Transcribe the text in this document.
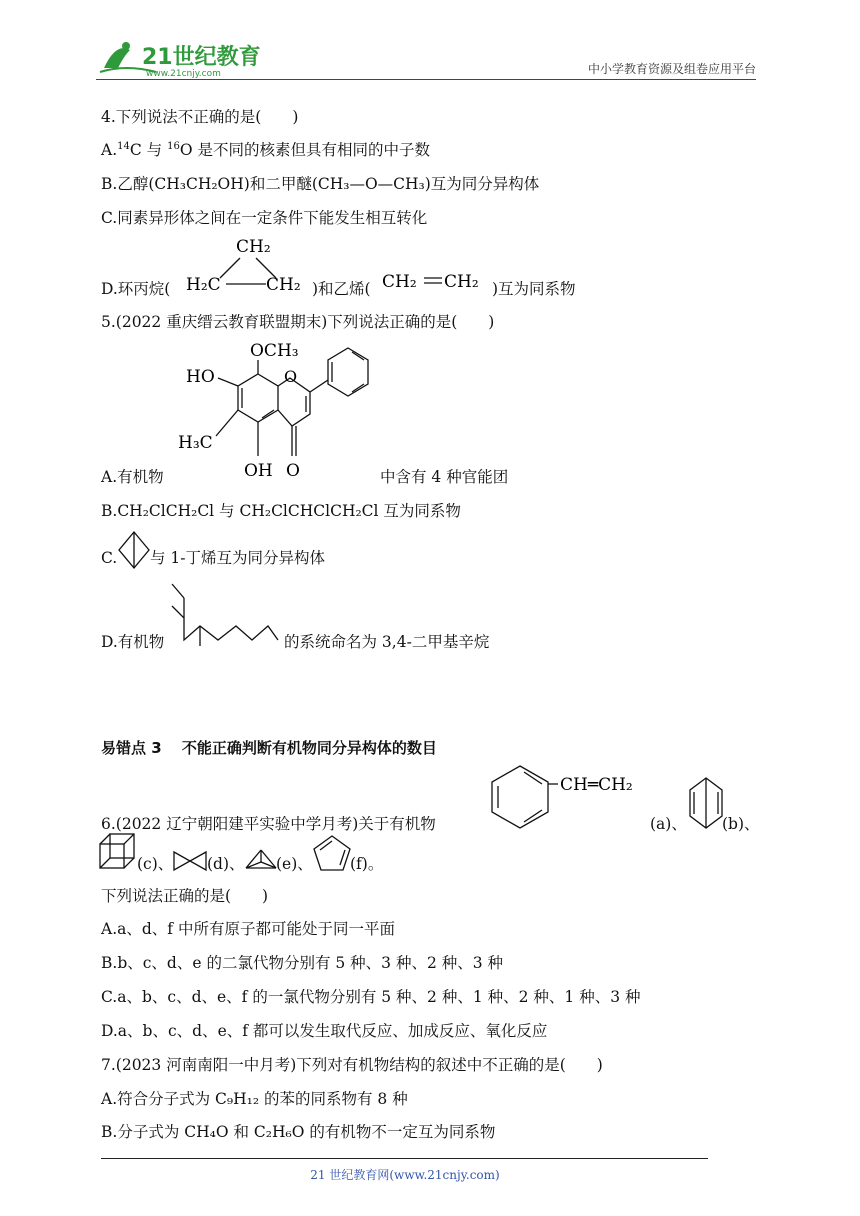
21世纪教育
www.21cnjy.com	中小学教育资源及组卷应用平台
4.下列说法不正确的是(　　)
A.$^{14}$C 与 $^{16}$O 是不同的核素但具有相同的中子数
B.乙醇(CH₃CH₂OH)和二甲醚(CH₃—O—CH₃)互为同分异构体
C.同素异形体之间在一定条件下能发生相互转化
D.环丙烷(
CH₂
H₂C	CH₂ )和乙烯( CH₂ CH₂ )互为同系物
5.(2022 重庆缙云教育联盟期末)下列说法正确的是(　　)
OCH₃
O
HO
H₃C
OH O
A.有机物	中含有 4 种官能团
B.CH₂ClCH₂Cl 与 CH₂ClCHClCH₂Cl 互为同系物
C. 与 1-丁烯互为同分异构体
D.有机物	的系统命名为 3,4-二甲基辛烷
易错点 3　 不能正确判断有机物同分异构体的数目
6.(2022 辽宁朝阳建平实验中学月考)关于有机物
CH═CH₂
(a)、 (b)、
(c)、 (d)、 (e)、 (f)。
下列说法正确的是(　　)
A.a、d、f 中所有原子都可能处于同一平面
B.b、c、d、e 的二氯代物分别有 5 种、3 种、2 种、3 种
C.a、b、c、d、e、f 的一氯代物分别有 5 种、2 种、1 种、2 种、1 种、3 种
D.a、b、c、d、e、f 都可以发生取代反应、加成反应、氧化反应
7.(2023 河南南阳一中月考)下列对有机物结构的叙述中不正确的是(　　)
A.符合分子式为 C₉H₁₂ 的苯的同系物有 8 种
B.分子式为 CH₄O 和 C₂H₆O 的有机物不一定互为同系物
21 世纪教育网(www.21cnjy.com)
